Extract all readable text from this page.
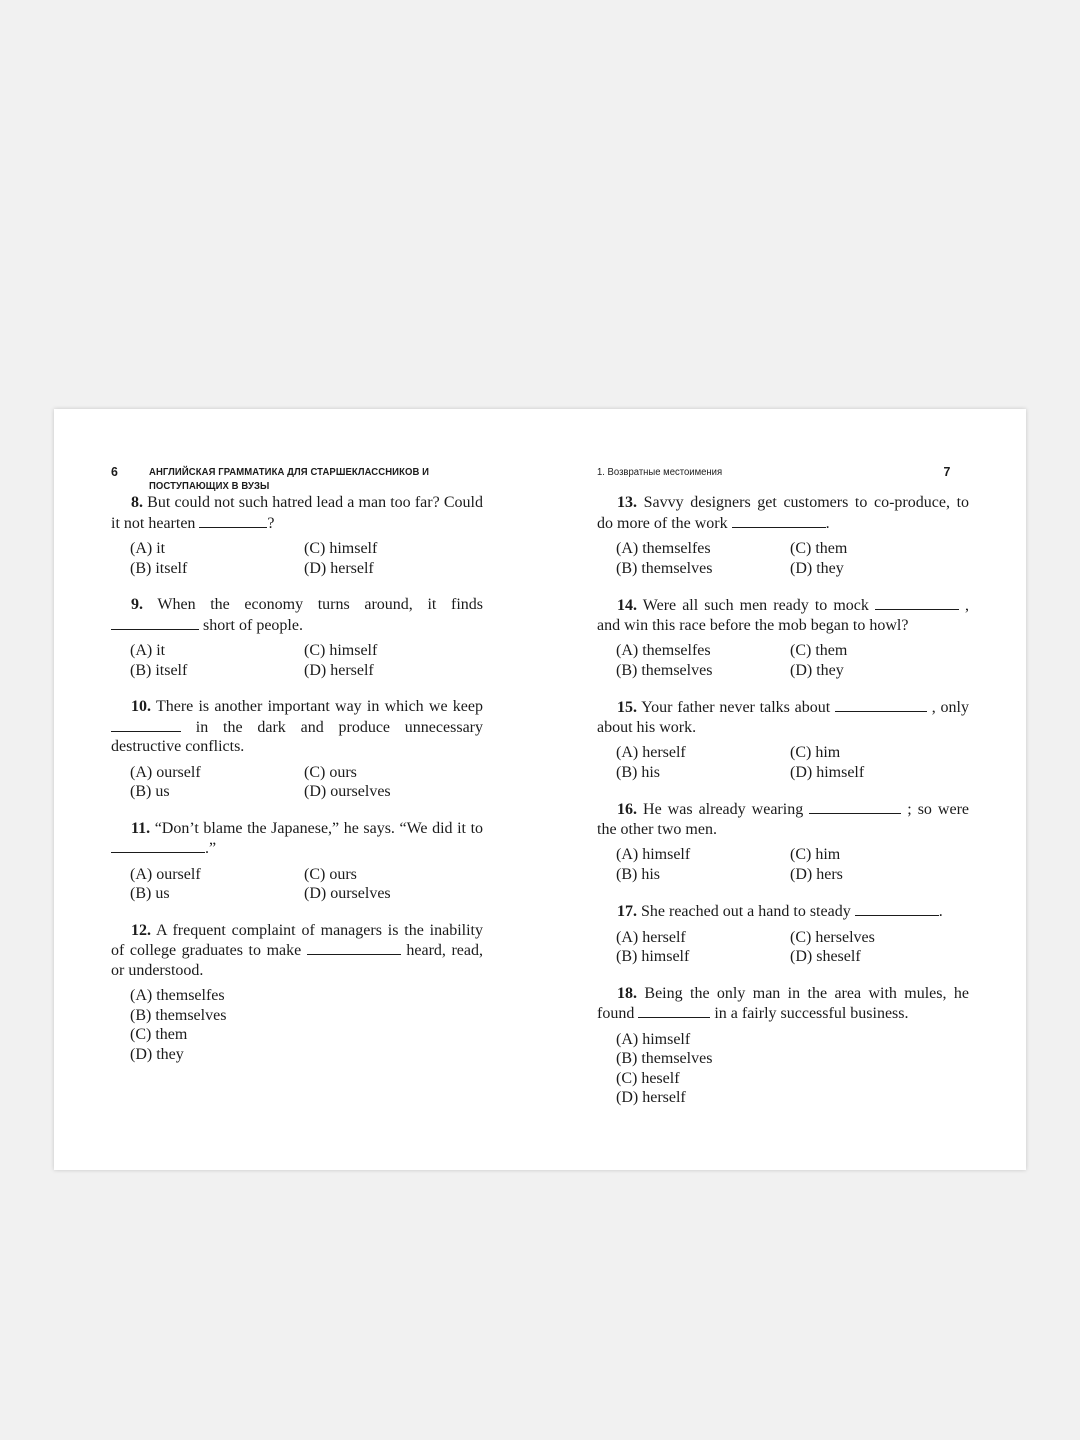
6	АНГЛИЙСКАЯ ГРАММАТИКА ДЛЯ СТАРШЕКЛАССНИКОВ И ПОСТУПАЮЩИХ В ВУЗЫ
8. But could not such hatred lead a man too far? Could it not hearten	?
(A) it	(C) himself
(B) itself	(D) herself
9. When the economy turns around, it finds  short of people.
(A) it	(C) himself
(B) itself	(D) herself
10. There is another important way in which we keep  in the dark and produce unnecessary destructive conflicts.
(A) ourself	(C) ours
(B) us	(D) ourselves
11. “Don’t blame the Japanese,” he says. “We did it to .”
(A) ourself	(C) ours
(B) us	(D) ourselves
12. A frequent complaint of managers is the inability of college graduates to make	heard, read, or understood.
(A) themselfes
(B) themselves
(C) them
(D) they
1. Возвратные местоимения	7
13. Savvy designers get customers to co-produce, to do more of the work	.
(A) themselfes	(C) them
(B) themselves	(D) they
14. Were all such men ready to mock	, and win this race before the mob began to howl?
(A) themselfes	(C) them
(B) themselves	(D) they
15. Your father never talks about	, only about his work.
(A) herself	(C) him
(B) his	(D) himself
16. He was already wearing	; so were the other two men.
(A) himself	(C) him
(B) his	(D) hers
17. She reached out a hand to steady	.
(A) herself	(C) herselves
(B) himself	(D) sheself
18. Being the only man in the area with mules, he found	in a fairly successful business.
(A) himself
(B) themselves
(C) heself
(D) herself
